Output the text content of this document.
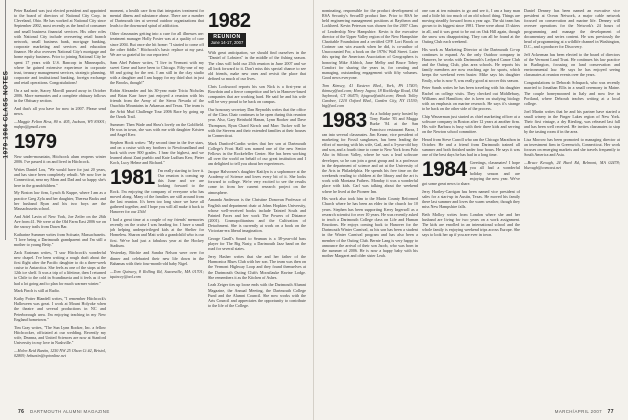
1979-1984 CLASS NOTES

Peter Raaland was just elected president and appointed to the board of directors of National City Corp. in Cleveland, Ohio. He has worked at National City since September 2002, most recently as the head of consumer and small business financial services. His other roles with National City include overseeing retail branch network, small business bank, mortgage banking, corporate marketing and services and education finance. He also oversees National City's mortgage and home equity business. Prior to joining National City he spent 17 years with U.S. Bancorp in Minneapolis, where he gained extensive experience in corporate trust, treasury management services, strategic planning, corporate and institutional banking, foreign exchange and retail operations. Congratulations!

On a sad note, Stacey Morrill passed away in October 2006. More memories and a complete obituary follows in the Obituary section.

And that's all you have for now in 2007. Please send news.

—Maggie Felton Hess, 80 n. 405, Jackson, WY 83001; mqhpx@gmail.com

1979

New under-mountain, Hitchcock alum reopens winter 2006. I've passed it on and lived in Hitchcock.

Writes Daniel Lou, "We would have for just 20 years, and has since been completely rebuilt. We now live in Connecticut, near my Mom and Dad and so happy she's here in the grandchildren."

My Boston law firm, Lynch & Kuppe, where I am as a practice Greg Zyla and her daughter, Theresa Backs and her husband Ryan and his two boys are the Massachusetts school.

And Adel Lavin of New York, Joe Zeiler on the 26th Ave from 41. We were at the Old Farm East 2006 we on the snowy trails from Dawn Bar.

Katharine Summer writes from Scituate, Massachusetts. "I love being a Dartmouth grandparent and I'm still a mother to young Betty."

Zack Eastman writes, "I saw Hitchcock's wonderful new chapel. I've been writing a rough draft about the first flight after the Pacific daughter to do a three-week cruise to Antarctica. She feels as one of the stops at the 12th ice shelf. It was a trip of a lifetime, then I returned to Chile to the cold in Scandinavia and it feels as if we had a lot going and to plan for much warmer winter."

Mark Finch is still at Radio.

Kathy Potter Blandell writes, "I remember Hitchcock's Halloween was great. I work at Mount Holyoke when the theatre and several productions in NC and Peterborough area. I'm enjoying teaching in my New England hometown."

Tim Gray writes, "The Sun Lynn Rooker, Inc. a fellow Hitchcocker, officiated at our wedding. Recently my wife, Deanna, and United Sciences are now at Stanford University in my love in Nashville."

—Helen Reid Buntin, 1250 NW 25 Olson Ct #2, Bristol, 02809; hrbuntin@optonline.net

moment, a health care firm that integrates treatment for mental illness and substance abuse. There are a number of Dartmouth ties at several outdoor organizations that leads to the downward spiral of addiction.

Other classmates getting into a cure for all illnesses are: treatment manager Holly Foster was at a quality of care since 2004. But once she hit home: "I started to come off the other fiddle." Hitchcock's basic replace at my past. We are so grateful for our reporters!

Sam Abel Palmer writes, "I live in Vermont with my sweet Gene and have been to Chicago. Fifty-one of my 60 and going for the rest. I am still in the clay studio with a daughter and I am happy for my third shot in just the Brooks, though!"

Robin Alexander and his 30-year mate Tricia Nicholas and Brian Karr have just enjoyed a reunion with his friends from the Army of the Sierra Nevada of the Ouachita Mountains in Arkansas and Texas. The team is the Arbit Mud Challenge Tour 2006 Race by going up the Ozark Trail.

Summer: Then Wade and Shea's lovely on the Goldfield. He was in town, she was with me with daughter Kristen and Angel Kerr.

Stephen Hook writes: "My second time in the five stars, and on a cruise with my brothers to Newfoundland and back with over 800 grades. I hear the highest, and we learned about Zuni pueblo and Kate Ludlum Kerr, Pieter Koch, Lucy Helme and Richard."

1981 I'm really starting to love it. Our reunion is coming up this June and we are looking forward to the Rock. I'm enjoying the company of everyone who has moved along. Many of the families are still around from the last reunion. It's been too long since we have all gathered together, and I hope you will all make it back to Hanover for our 25th!

I had a great time at a couple of my friends' memories recently on the cruise I was heading for. I have a small job helping underprivileged kids at the Shelter for Homeless. Sharon and Matt with a grandchild who is our first. We've had just a fabulous year at the Hockey Stadium.

Yesterday, Ritchie and Sandra Nelson were over for dinner and celebrated their new life down in the Bahamas with their four-month-old baby Nigel.

—Tom Quincey, 8 Rolling Rd, Saxonville, MA 01701; tquincey@aol.com

1982
REUNION
June 14-17, 2007

With great anticipation, we should find ourselves in the "Daniel of Lobsters" in the middle of the fishing season. The class will hold our 25th reunion in June 2007 and we all look forward to it. Don't miss this special chance to see old friends, make new ones and revisit the place that defined so much of our lives.

Chris Lockwood reports his son Nick is a first-year at Bowdoin and a fierce competitor and he's in Hanover-based companies that are working hard. He said he and his wife will be very proud to be back on campus.

Our honorary secretary Dan Reynolds writes that the office of the Class Chair continues to be open during this reunion year. Also, Gary Reinhold Hanan, Lynn Rooker and Dave Thompson, Ryan Chard Kirsch and Marc Tucker will be with the Stevens and their extended families at their houses in Connecticut.

Mark Dunford-Cardin writes that her son at Dartmouth College's Frost Hall was named one of the new Senior Fellows in the Rockefeller Center. She has been working all over the world on behalf of our great institution and I am delighted to tell you about her experiences.

Jacque Halvorsen's daughter Kaitlyn is a sophomore at the Academy of Science and loves every bit of it. She looks forward to college. We're very excited to see the results come in from her current research project on the atmosphere.

Amanda Anderson is the Christine Donovan Professor of English and department chair at Johns Hopkins University, whose well-received books include Tainted Souls and Painted Faces and her work The Powers of Distance (2001). Cosmopolitanism and the Cultivation of Detachment. She is currently at work on a book on the Victorian-era liberal imagination.

George Gnall's Sound to Seaman is a 38-year-old bass player for The Big Nasty, a Dartmouth Jazz band on the road for several states.

Jerry Hasher writes that she and her father of the Harmonica Blues Club with her son. The team was then on the Vermont Highway Loop and they found themselves at the Dartmouth Outing Club's Moosilauke Ravine Lodge. She remembers it as the Kitchen of Ashes.

Leah Zeiger ties up loose ends with the Dartmouth Alumni Magazine, the Annual Meeting, the Dartmouth College Fund and the Alumni Council. She now works with the Arts Council and appreciates the opportunity to contribute to the life of the College.

76 DARTMOUTH ALUMNI MAGAZINE

nominating, responsible for the product development of RSA Security's SecurID product line. Prior to RSA he held engineering management positions at Raytheon and Lockheed. Kevin Peterson was chosen for the 2007 Class of Leadership New Hampshire. Kevin is the executive director of the Upper Valley region of the New Hampshire Charitable Foundation and a certified CFP. Lori Brook or Corimer can win awards when he did, is co-author of Unaccounted For, a book on the 1970s' Wall Street. Later this spring the American Association of Geographers is honoring Mike Aldrich, Jane Melby and Bruce Tobey Comfort for sharing the years in, for creating and managing, outstanding engagement with fifty volumes. Good news everyone.

Tom Kimsey, 41 Eastern Blvd., York, PA 17403; tkimsey@aol.com; Henry Jagow, 18 Rockledge Road, Old Saybrook, CT 06475; hjagow@attbi.com; Brook Tolley Gardner, 1210 Oxford Blvd., Garden City, NY 11530; btg@aol.com

1983 As a holiday party hosted by Tony Burke '83 and Mugga Burke '84 at the San Francisco restaurant Barra, I ran into several classmates. Jim Keane, vice president of marketing for Fossil sunglasses, has been leading the effort of moving with his wife, Gail, and a 3-year-old boy and son, and a fourth time to come to New York from Palo Alto in Silicon Valley, where he was a lead software developer, so he can join a great group and is a professor in the department of science and art at the University of the Arts in Philadelphia. He spends his free time on the weekends reading to children at the library and the art is work with Montana Fathers. Monday it was a wonderful place with kids. Carl was talking about the weekend where he lived at the Pioneer Inn.

His work also took him to the Marin County Reformed Church where he has been an elder in the church for 10 years. Stephen has been supporting Kerry Ingersoll as a research scientist for over 10 years. He was recently asked to teach a Dartmouth College class on Life and Human Emotions. He enjoys coming back to Hanover for the Dartmouth Winter Carnival, as his son has been a student in the Winter Carnival program and has also been a member of the Outing Club. Bernie Lang is very happy to announce the arrival of their son Jacob, who was born in the summer of 2006. He is now a happy baby with his mother Margaret and older sister Leah.

one can at ten minutes to go and see it, I am a busy man and a little bit too much of an old school thing. Things are moving steadily forward from a year ago. The ski team has grown to its biggest since 1981. There were about 15 skiers in all, and it was great to be out on Oak Hill again, though the snow was disappointing. They can all be found at the Outing Club each weekend.

His work as Marketing Director at the Dartmouth Co-op continues to expand. As the only Outdoor company in Hanover, he works with Dartmouth's Ledyard Canoe Club and the Outing Club, plus area schools. He reports his family members are now reaching age for sports, which keeps the weekend even busier. Mike says his daughter Emily, who is now 9, was really good at soccer this season.

Peter Sands writes he has been traveling with his daughter Rachel on college visits. They checked out Middlebury, Williams and Hamilton; she is keen on studying biology with an emphasis on marine research. He says it's strange to be back on the other side of the process.

Chip Wasserman just started as chief marketing officer at a software company in Boston after 12 years at another firm. His wife Barbara is busy with their three kids and serving on the Newton school committee.

Heard from Steve Carroll who ran the Chicago Marathon in October. He and a friend from Dartmouth trained all summer and both finished under four hours. He says it was one of the best days he has had in a long time.

1984 Greetings, classmates! I hope you all had a wonderful holiday season and are enjoying the new year. We've got some great news to share.

Jerry Hartley-Carrigan has been named vice president of sales for a start-up in Austin, Texas. He moved his family there last summer and loves the warm weather, though they miss New Hampshire falls.

Beth Molloy writes from London where she and her husband are living for two years on a work assignment. The kids are enrolled in an international school and the whole family is enjoying weekend trips across Europe. She says to look her up if you are ever in town.

Daniel Denney has been named an executive vice president at Ocean Network, a major cable network focused on conservation and marine life. Denney will oversee operations for the Network's 24 hours of programming and manage the development of documentary and series content. He was previously the head of programming at a wildlife channel in Washington, D.C., and a producer for Discovery.

Jeff Ackerman has been elected to the board of directors of the Vermont Land Trust. He continues his law practice in Burlington, focusing on land conservation and environmental law. He says he has enjoyed seeing classmates at reunion events over the years.

Congratulations to Deborah Schupack, who was recently married to Jonathan Ellis in a small ceremony in Maine. The couple honeymooned in Italy and now live in Portland, where Deborah teaches writing at a local college.

Joel Martin writes that he and his partner have started a small winery in the Finger Lakes region of New York. Their first vintage, a dry Riesling, was released last fall and has been well received. He invites classmates to stop by the tasting room if in the area.

Lisa Morrow has been promoted to managing director at an investment firm in Greenwich, Connecticut. Her work focuses on emerging markets and she travels frequently to South America and Asia.

—Bruce Keough, 24 Hurd Rd, Belmont, MA 02478; bkeough@comcast.net

MARCH/APRIL 2007 77
